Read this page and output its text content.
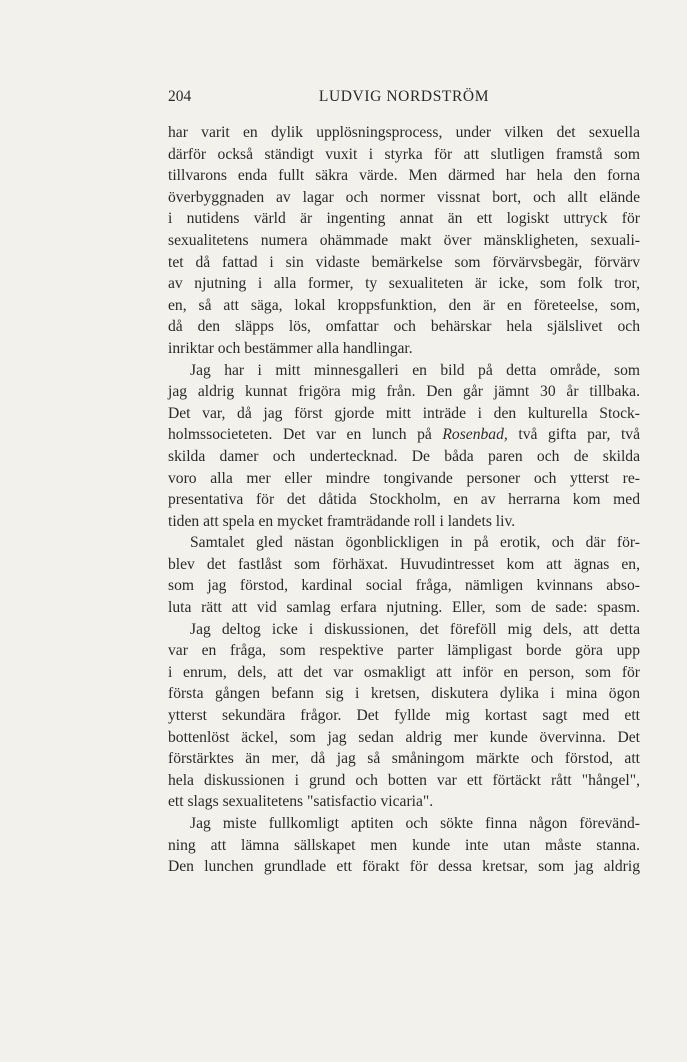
204	LUDVIG NORDSTRÖM

har varit en dylik upplösningsprocess, under vilken det sexuella

därför också ständigt vuxit i styrka för att slutligen framstå som

tillvarons enda fullt säkra värde. Men därmed har hela den forna

överbyggnaden av lagar och normer vissnat bort, och allt elände

i nutidens värld är ingenting annat än ett logiskt uttryck för

sexualitetens numera ohämmade makt över mänskligheten, sexuali-

tet då fattad i sin vidaste bemärkelse som förvärvsbegär, förvärv

av njutning i alla former, ty sexualiteten är icke, som folk tror,

en, så att säga, lokal kroppsfunktion, den är en företeelse, som,

då den släpps lös, omfattar och behärskar hela själslivet och

inriktar och bestämmer alla handlingar.

Jag har i mitt minnesgalleri en bild på detta område, som

jag aldrig kunnat frigöra mig från. Den går jämnt 30 år tillbaka.

Det var, då jag först gjorde mitt inträde i den kulturella Stock-

holmssocieteten. Det var en lunch på Rosenbad, två gifta par, två

skilda damer och undertecknad. De båda paren och de skilda

voro alla mer eller mindre tongivande personer och ytterst re-

presentativa för det dåtida Stockholm, en av herrarna kom med

tiden att spela en mycket framträdande roll i landets liv.

Samtalet gled nästan ögonblickligen in på erotik, och där för-

blev det fastlåst som förhäxat. Huvudintresset kom att ägnas en,

som jag förstod, kardinal social fråga, nämligen kvinnans abso-

luta rätt att vid samlag erfara njutning. Eller, som de sade: spasm.

Jag deltog icke i diskussionen, det föreföll mig dels, att detta

var en fråga, som respektive parter lämpligast borde göra upp

i enrum, dels, att det var osmakligt att inför en person, som för

första gången befann sig i kretsen, diskutera dylika i mina ögon

ytterst sekundära frågor. Det fyllde mig kortast sagt med ett

bottenlöst äckel, som jag sedan aldrig mer kunde övervinna. Det

förstärktes än mer, då jag så småningom märkte och förstod, att

hela diskussionen i grund och botten var ett förtäckt rått "hångel",

ett slags sexualitetens "satisfactio vicaria".

Jag miste fullkomligt aptiten och sökte finna någon förevänd-

ning att lämna sällskapet men kunde inte utan måste stanna.

Den lunchen grundlade ett förakt för dessa kretsar, som jag aldrig
